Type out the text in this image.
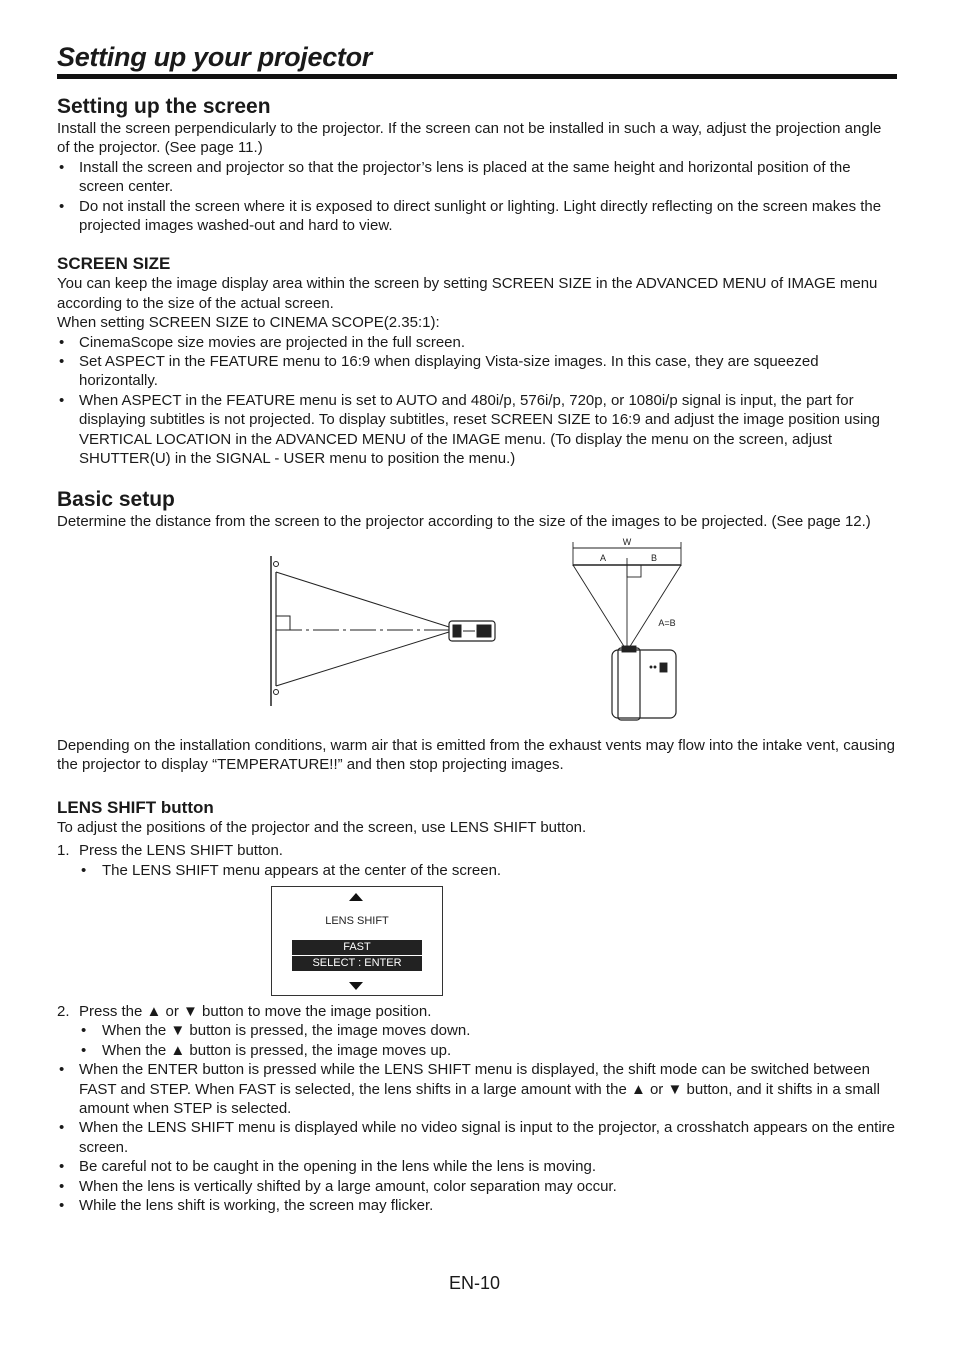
Setting up your projector
Setting up the screen

Install the screen perpendicularly to the projector. If the screen can not be installed in such a way, adjust the projection angle of the projector. (See page 11.)

• Install the screen and projector so that the projector’s lens is placed at the same height and horizontal position of the screen center.
• Do not install the screen where it is exposed to direct sunlight or lighting. Light directly reflecting on the screen makes the projected images washed-out and hard to view.
SCREEN SIZE

You can keep the image display area within the screen by setting SCREEN SIZE in the ADVANCED MENU of IMAGE menu according to the size of the actual screen.

When setting SCREEN SIZE to CINEMA SCOPE(2.35:1):

• CinemaScope size movies are projected in the full screen.
• Set ASPECT in the FEATURE menu to 16:9 when displaying Vista-size images. In this case, they are squeezed horizontally.
• When ASPECT in the FEATURE menu is set to AUTO and 480i/p, 576i/p, 720p, or 1080i/p signal is input, the part for displaying subtitles is not projected. To display subtitles, reset SCREEN SIZE to 16:9 and adjust the image position using VERTICAL LOCATION in the ADVANCED MENU of the IMAGE menu. (To display the menu on the screen, adjust SHUTTER(U) in the SIGNAL - USER menu to position the menu.)
Basic setup

Determine the distance from the screen to the projector according to the size of the images to be projected. (See page 12.)

W
A	B
A=B

Depending on the installation conditions, warm air that is emitted from the exhaust vents may flow into the intake vent, causing the projector to display “TEMPERATURE!!” and then stop projecting images.

LENS SHIFT button

To adjust the positions of the projector and the screen, use LENS SHIFT button.

1. Press the LENS SHIFT button.
• The LENS SHIFT menu appears at the center of the screen.
LENS SHIFT
FAST
SELECT : ENTER
2. Press the ▲ or ▼ button to move the image position.
• When the ▼ button is pressed, the image moves down.
• When the ▲ button is pressed, the image moves up.
• When the ENTER button is pressed while the LENS SHIFT menu is displayed, the shift mode can be switched between FAST and STEP. When FAST is selected, the lens shifts in a large amount with the ▲ or ▼ button, and it shifts in a small amount when STEP is selected.
• When the LENS SHIFT menu is displayed while no video signal is input to the projector, a crosshatch appears on the entire screen.
• Be careful not to be caught in the opening in the lens while the lens is moving.
• When the lens is vertically shifted by a large amount, color separation may occur.
• While the lens shift is working, the screen may flicker.
EN-10
